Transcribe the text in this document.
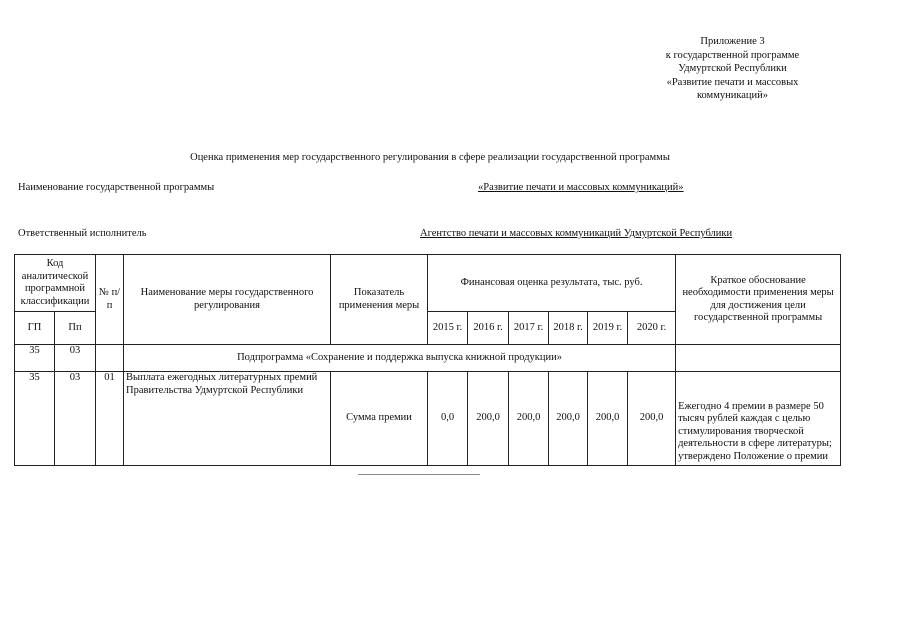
Приложение 3
к государственной программе
Удмуртской Республики
«Развитие печати и массовых
коммуникаций»
Оценка применения мер государственного регулирования в сфере реализации государственной программы
Наименование государственной программы	«Развитие печати и массовых коммуникаций»
Ответственный исполнитель	Агентство печати и массовых коммуникаций Удмуртской Республики
Код аналитической программной классификации		№ п/п	Наименование меры государственного регулирования	Показатель применения меры	Финансовая оценка результата, тыс. руб.						Краткое обоснование необходимости применения меры для достижения цели государственной программы
ГП	Пп				2015 г.	2016 г.	2017 г.	2018 г.	2019 г.	2020 г.	
35	03		Подпрограмма «Сохранение и поддержка выпуска книжной продукции»								
35	03	01	Выплата ежегодных литературных премий Правительства Удмуртской Республики	Сумма премии	0,0	200,0	200,0	200,0	200,0	200,0	Ежегодно 4 премии в размере 50 тысяч рублей каждая с целью стимулирования творческой деятельности в сфере литературы; утверждено Положение о премии
